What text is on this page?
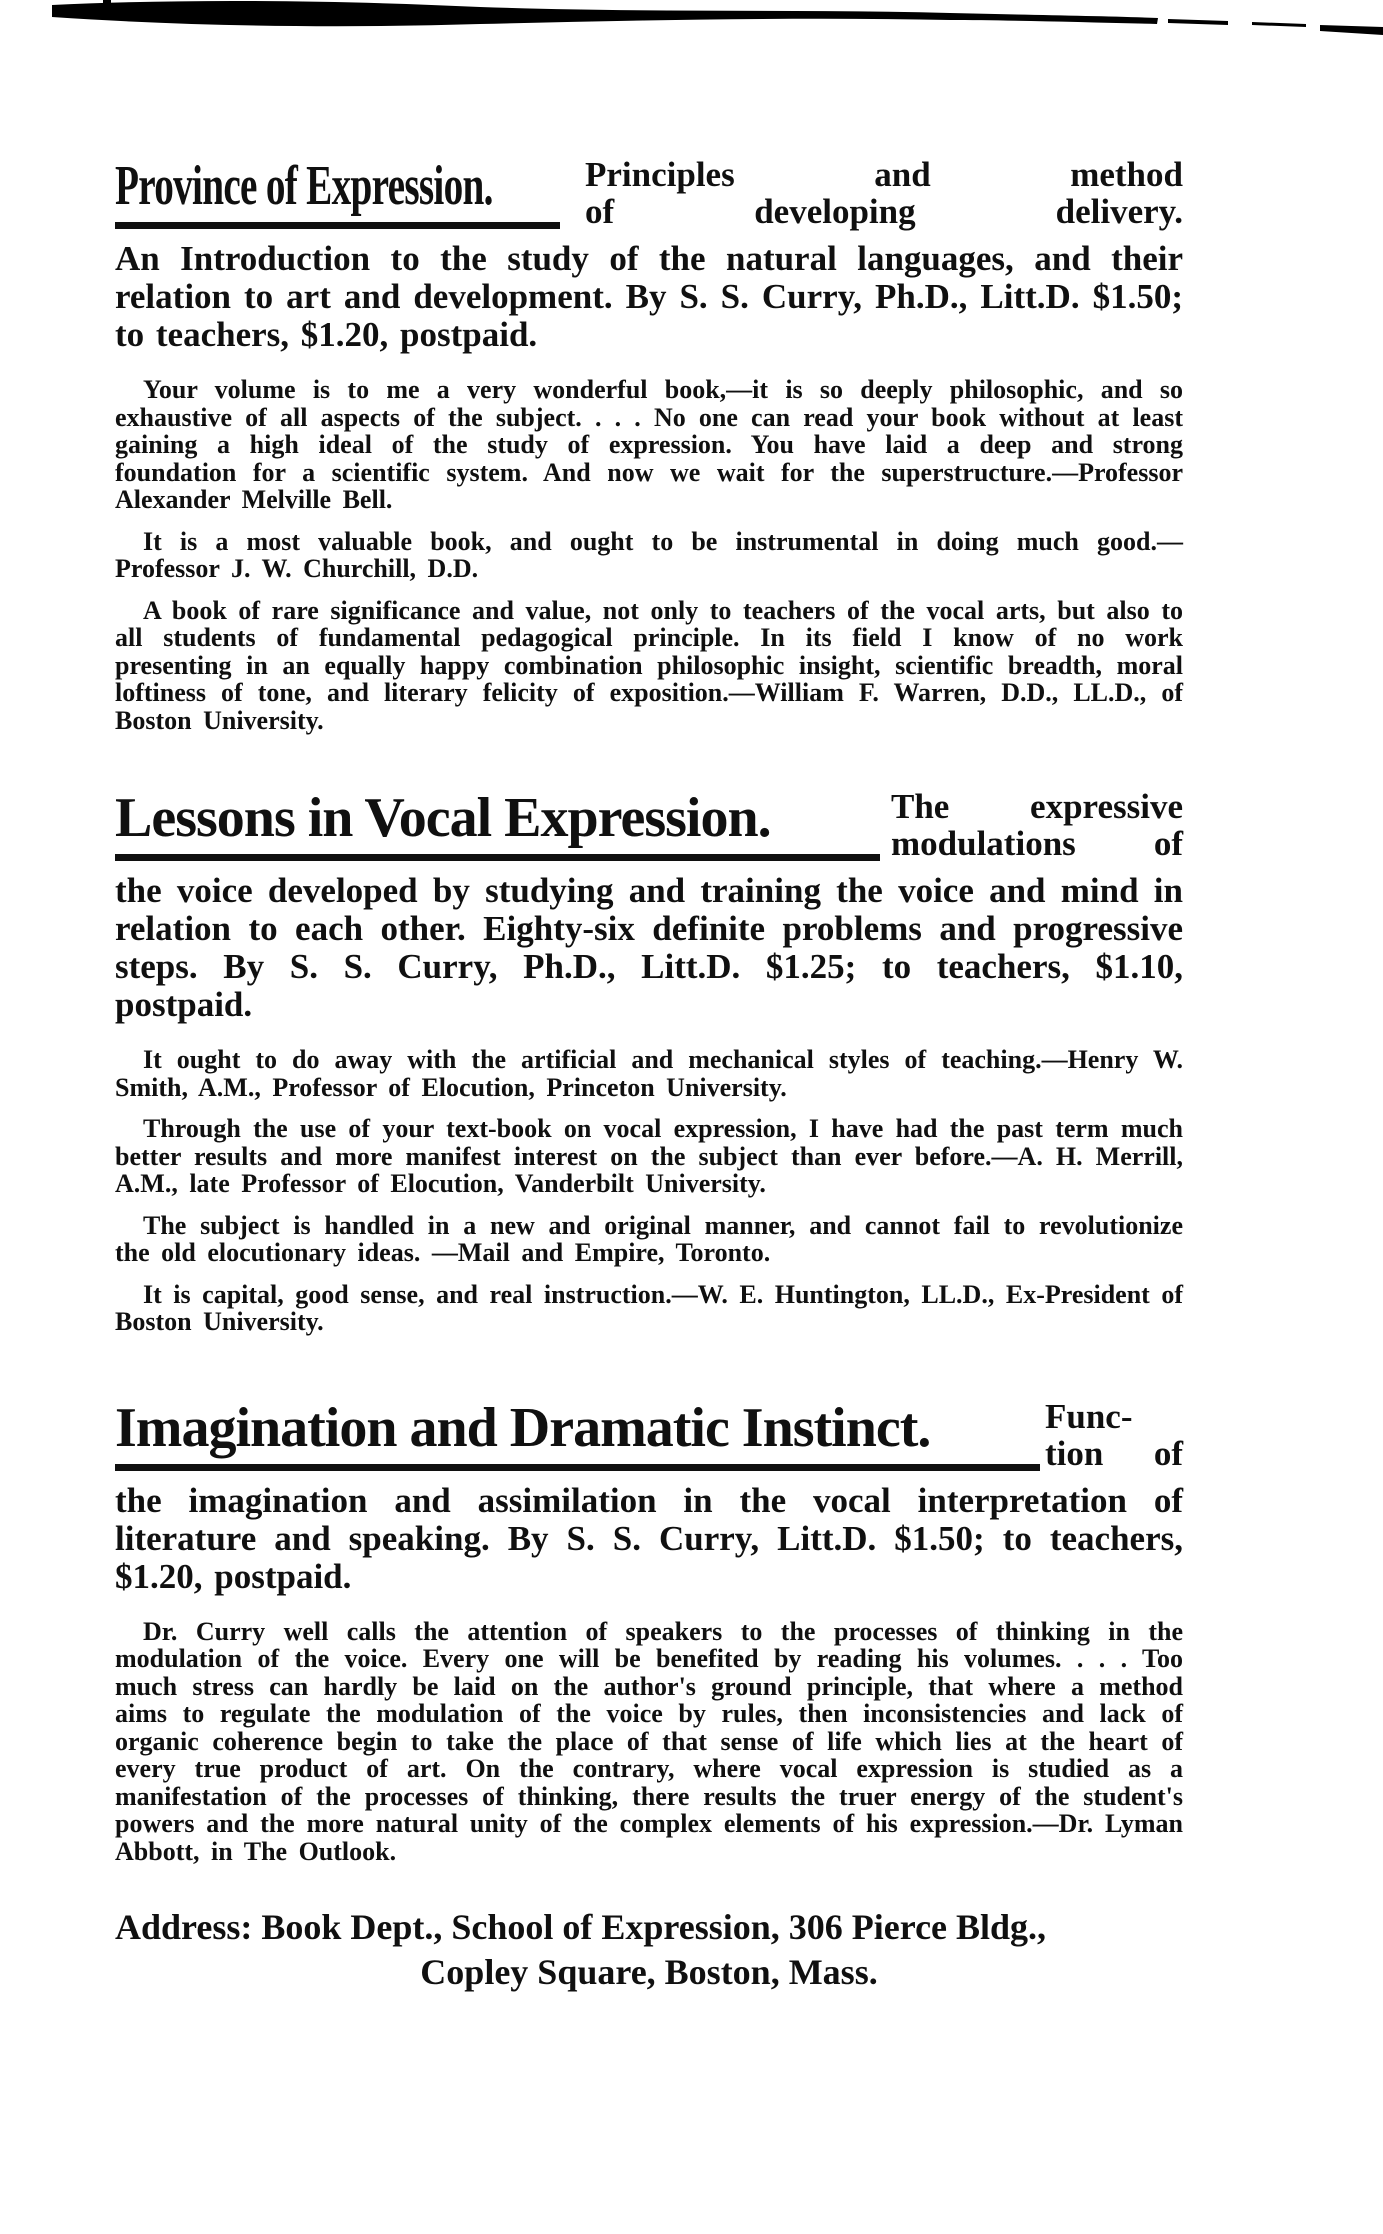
Province of Expression.	Principles and method
of developing delivery.

An Introduction to the study of the natural languages, and their relation to art and development. By S. S. Curry, Ph.D., Litt.D. $1.50; to teachers, $1.20, postpaid.

Your volume is to me a very wonderful book,—it is so deeply philosophic, and so exhaustive of all aspects of the subject. . . . No one can read your book without at least gaining a high ideal of the study of expression. You have laid a deep and strong foundation for a scientific system. And now we wait for the superstructure.—Professor Alexander Melville Bell.

It is a most valuable book, and ought to be instrumental in doing much good.—Professor J. W. Churchill, D.D.

A book of rare significance and value, not only to teachers of the vocal arts, but also to all students of fundamental pedagogical principle. In its field I know of no work presenting in an equally happy combination philosophic insight, scientific breadth, moral loftiness of tone, and literary felicity of exposition.—William F. Warren, D.D., LL.D., of Boston University.

Lessons in Vocal Expression.	The expressive
modulations of

the voice developed by studying and training the voice and mind in relation to each other. Eighty-six definite problems and progressive steps. By S. S. Curry, Ph.D., Litt.D. $1.25; to teachers, $1.10, postpaid.

It ought to do away with the artificial and mechanical styles of teaching.—Henry W. Smith, A.M., Professor of Elocution, Princeton University.

Through the use of your text-book on vocal expression, I have had the past term much better results and more manifest interest on the subject than ever before.—A. H. Merrill, A.M., late Professor of Elocution, Vanderbilt University.

The subject is handled in a new and original manner, and cannot fail to revolutionize the old elocutionary ideas. —Mail and Empire, Toronto.

It is capital, good sense, and real instruction.—W. E. Huntington, LL.D., Ex-President of Boston University.

Imagination and Dramatic Instinct.	Func-
tion of

the imagination and assimilation in the vocal interpretation of literature and speaking. By S. S. Curry, Litt.D. $1.50; to teachers, $1.20, postpaid.

Dr. Curry well calls the attention of speakers to the processes of thinking in the modulation of the voice. Every one will be benefited by reading his volumes. . . . Too much stress can hardly be laid on the author's ground principle, that where a method aims to regulate the modulation of the voice by rules, then inconsistencies and lack of organic coherence begin to take the place of that sense of life which lies at the heart of every true product of art. On the contrary, where vocal expression is studied as a manifestation of the processes of thinking, there results the truer energy of the student's powers and the more natural unity of the complex elements of his expression.—Dr. Lyman Abbott, in The Outlook.

Address: Book Dept., School of Expression, 306 Pierce Bldg.,
Copley Square, Boston, Mass.
